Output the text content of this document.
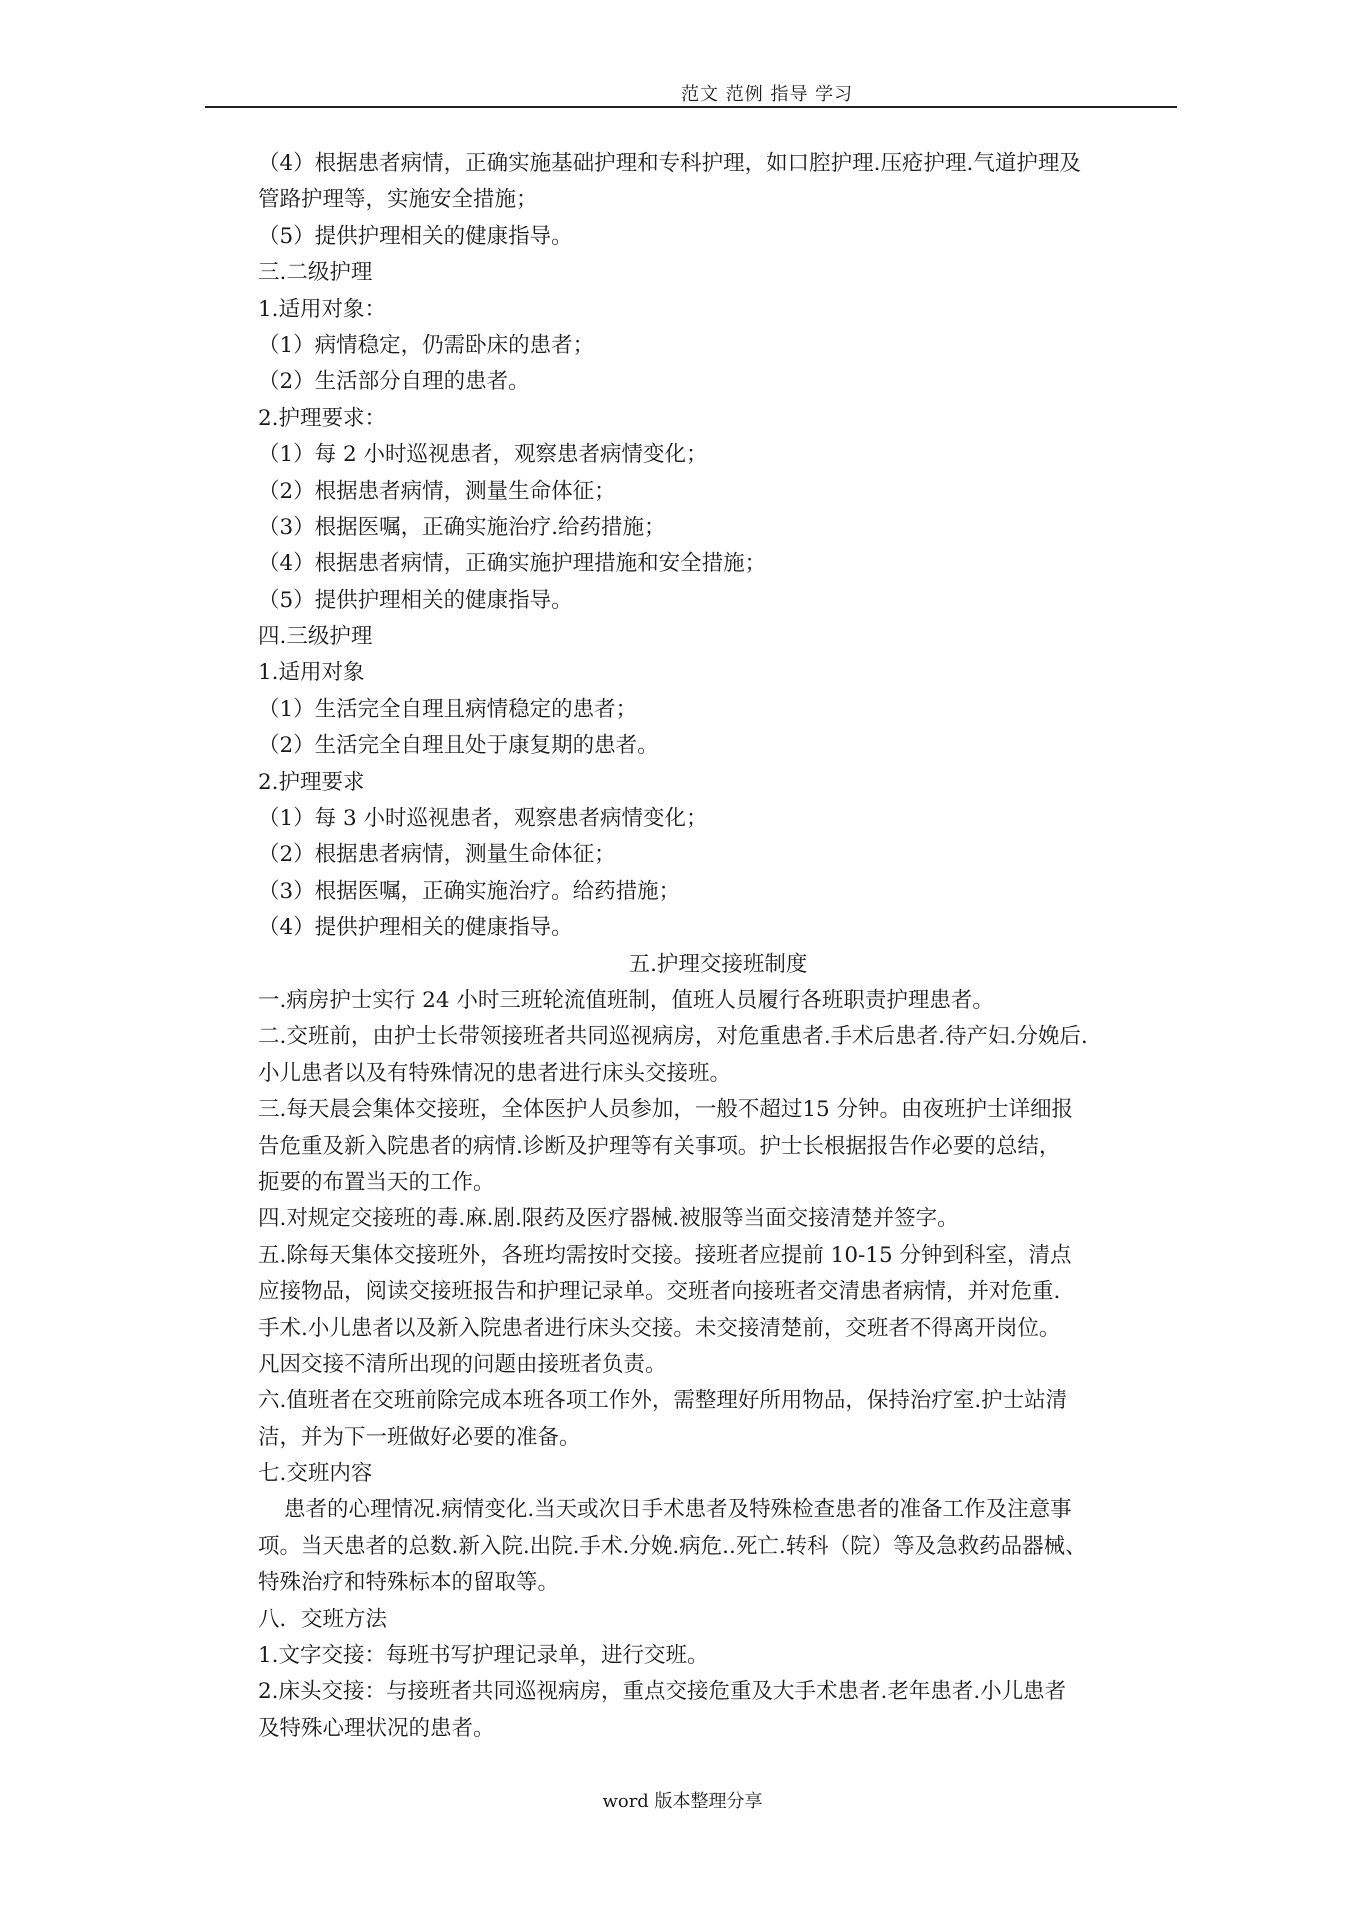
范文 范例 指导 学习
（4）根据患者病情，正确实施基础护理和专科护理，如口腔护理.压疮护理.气道护理及
管路护理等，实施安全措施；
（5）提供护理相关的健康指导。
三.二级护理
1.适用对象：
（1）病情稳定，仍需卧床的患者；
（2）生活部分自理的患者。
2.护理要求：
（1）每 2 小时巡视患者，观察患者病情变化；
（2）根据患者病情，测量生命体征；
（3）根据医嘱，正确实施治疗.给药措施；
（4）根据患者病情，正确实施护理措施和安全措施；
（5）提供护理相关的健康指导。
四.三级护理
1.适用对象
（1）生活完全自理且病情稳定的患者；
（2）生活完全自理且处于康复期的患者。
2.护理要求
（1）每 3 小时巡视患者，观察患者病情变化；
（2）根据患者病情，测量生命体征；
（3）根据医嘱，正确实施治疗。给药措施；
（4）提供护理相关的健康指导。
五.护理交接班制度
一.病房护士实行 24 小时三班轮流值班制，值班人员履行各班职责护理患者。
二.交班前，由护士长带领接班者共同巡视病房，对危重患者.手术后患者.待产妇.分娩后.
小儿患者以及有特殊情况的患者进行床头交接班。
三.每天晨会集体交接班，全体医护人员参加，一般不超过15 分钟。由夜班护士详细报
告危重及新入院患者的病情.诊断及护理等有关事项。护士长根据报告作必要的总结，
扼要的布置当天的工作。
四.对规定交接班的毒.麻.剧.限药及医疗器械.被服等当面交接清楚并签字。
五.除每天集体交接班外，各班均需按时交接。接班者应提前 10-15 分钟到科室，清点
应接物品，阅读交接班报告和护理记录单。交班者向接班者交清患者病情，并对危重.
手术.小儿患者以及新入院患者进行床头交接。未交接清楚前，交班者不得离开岗位。
凡因交接不清所出现的问题由接班者负责。
六.值班者在交班前除完成本班各项工作外，需整理好所用物品，保持治疗室.护士站清
洁，并为下一班做好必要的准备。
七.交班内容
患者的心理情况.病情变化.当天或次日手术患者及特殊检查患者的准备工作及注意事
项。当天患者的总数.新入院.出院.手术.分娩.病危..死亡.转科（院）等及急救药品器械、
特殊治疗和特殊标本的留取等。
八．交班方法
1.文字交接：每班书写护理记录单，进行交班。
2.床头交接：与接班者共同巡视病房，重点交接危重及大手术患者.老年患者.小儿患者
及特殊心理状况的患者。
word 版本整理分享
